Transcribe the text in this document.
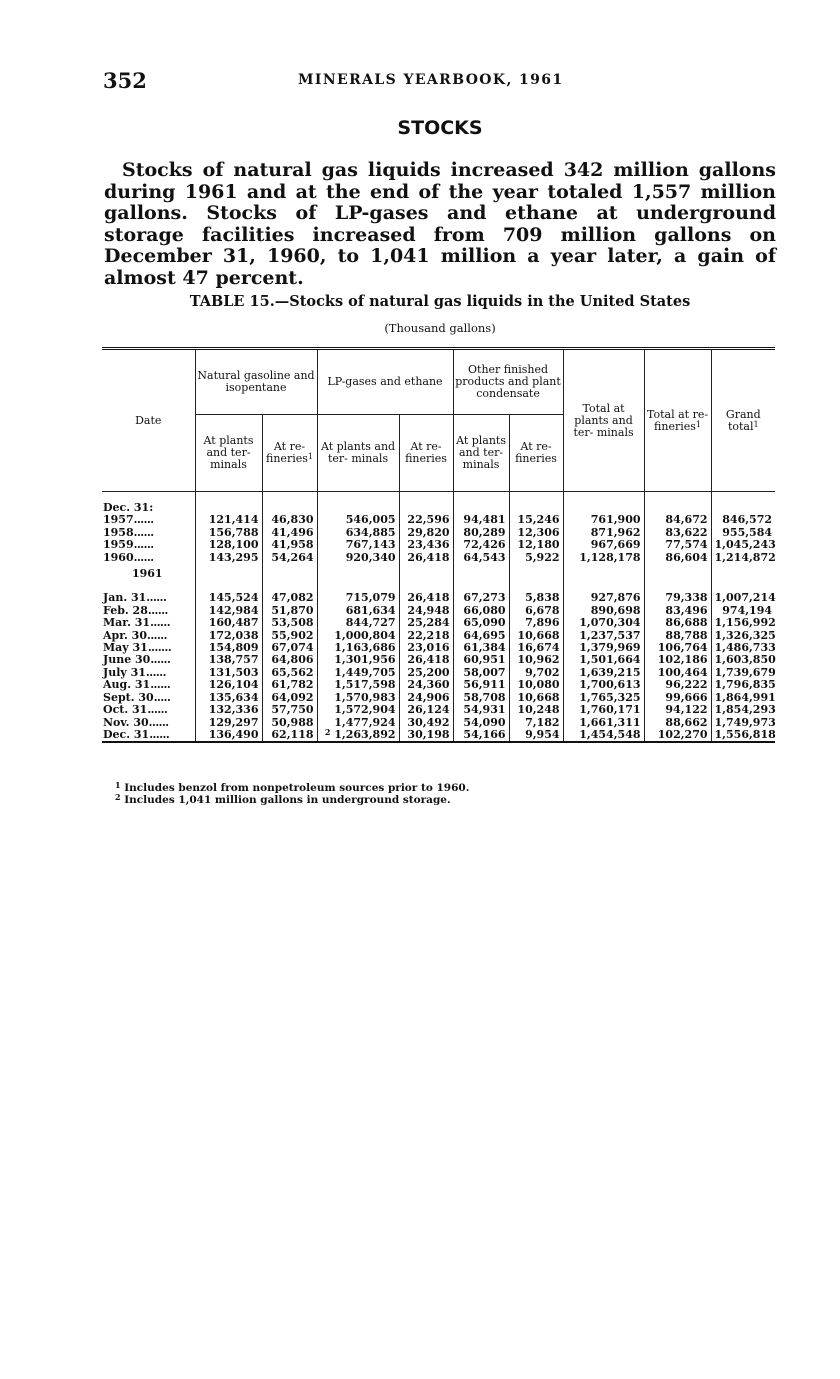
352	MINERALS YEARBOOK, 1961
STOCKS

Stocks of natural gas liquids increased 342 million gallons during 1961 and at the end of the year totaled 1,557 million gallons. Stocks of LP-gases and ethane at underground storage facilities increased from 709 million gallons on December 31, 1960, to 1,041 million a year later, a gain of almost 47 percent.

TABLE 15.—Stocks of natural gas liquids in the United States
(Thousand gallons)
Date	Natural gasoline and isopentane		LP-gases and ethane		Other finished products and plant condensate		Total at plants and ter- minals	Total at re- fineries$^1$	Grand total$^1$
	At plants and ter- minals	At re- fineries$^1$	At plants and ter- minals	At re- fineries	At plants and ter- minals	At re- fineries			

Dec. 31:									
1957......	121,414	46,830	546,005	22,596	94,481	15,246	761,900	84,672	846,572
1958......	156,788	41,496	634,885	29,820	80,289	12,306	871,962	83,622	955,584
1959......	128,100	41,958	767,143	23,436	72,426	12,180	967,669	77,574	1,045,243
1960......	143,295	54,264	920,340	26,418	64,543	5,922	1,128,178	86,604	1,214,872
1961									
Jan. 31......	145,524	47,082	715,079	26,418	67,273	5,838	927,876	79,338	1,007,214
Feb. 28......	142,984	51,870	681,634	24,948	66,080	6,678	890,698	83,496	974,194
Mar. 31......	160,487	53,508	844,727	25,284	65,090	7,896	1,070,304	86,688	1,156,992
Apr. 30......	172,038	55,902	1,000,804	22,218	64,695	10,668	1,237,537	88,788	1,326,325
May 31.......	154,809	67,074	1,163,686	23,016	61,384	16,674	1,379,969	106,764	1,486,733
June 30......	138,757	64,806	1,301,956	26,418	60,951	10,962	1,501,664	102,186	1,603,850
July 31......	131,503	65,562	1,449,705	25,200	58,007	9,702	1,639,215	100,464	1,739,679
Aug. 31......	126,104	61,782	1,517,598	24,360	56,911	10,080	1,700,613	96,222	1,796,835
Sept. 30.....	135,634	64,092	1,570,983	24,906	58,708	10,668	1,765,325	99,666	1,864,991
Oct. 31......	132,336	57,750	1,572,904	26,124	54,931	10,248	1,760,171	94,122	1,854,293
Nov. 30......	129,297	50,988	1,477,924	30,492	54,090	7,182	1,661,311	88,662	1,749,973
Dec. 31......	136,490	62,118	$^2$ 1,263,892	30,198	54,166	9,954	1,454,548	102,270	1,556,818
$^1$ Includes benzol from nonpetroleum sources prior to 1960.
$^2$ Includes 1,041 million gallons in underground storage.
